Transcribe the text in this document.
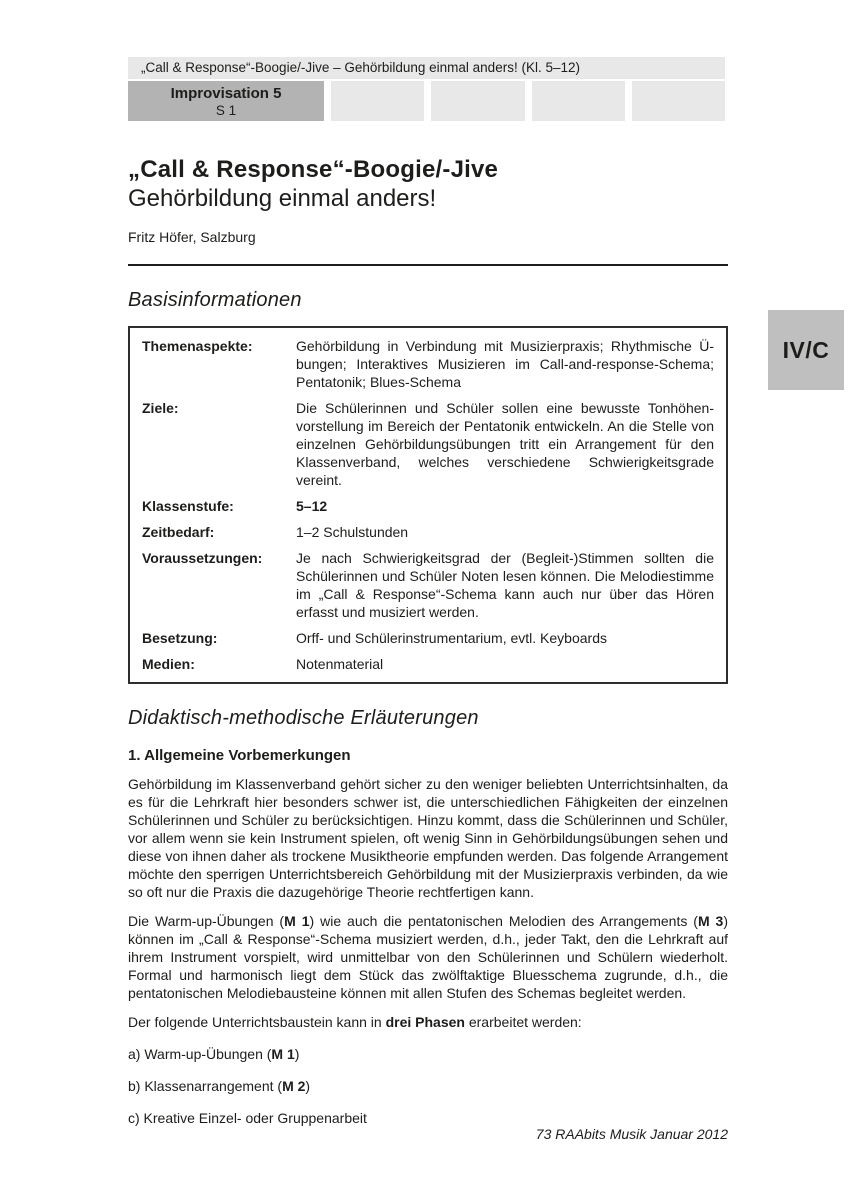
„Call & Response“-Boogie/-Jive – Gehörbildung einmal anders! (Kl. 5–12)
Improvisation 5
S 1
IV/C
„Call & Response“-Boogie/-Jive
Gehörbildung einmal anders!
Fritz Höfer, Salzburg
Basisinformationen
Themenaspekte:	Gehörbildung in Verbindung mit Musizierpraxis; Rhythmische Ü-bungen; Interaktives Musizieren im Call-and-response-Schema; Pentatonik; Blues-Schema
Ziele:	Die Schülerinnen und Schüler sollen eine bewusste Tonhöhenvorstellung im Bereich der Pentatonik entwickeln. An die Stelle von einzelnen Gehörbildungsübungen tritt ein Arrangement für den Klassenverband, welches verschiedene Schwierigkeitsgrade vereint.
Klassenstufe:	5–12
Zeitbedarf:	1–2 Schulstunden
Voraussetzungen:	Je nach Schwierigkeitsgrad der (Begleit-)Stimmen sollten die Schülerinnen und Schüler Noten lesen können. Die Melodiestimme im „Call & Response“-Schema kann auch nur über das Hören erfasst und musiziert werden.
Besetzung:	Orff- und Schülerinstrumentarium, evtl. Keyboards
Medien:	Notenmaterial
Didaktisch-methodische Erläuterungen
1. Allgemeine Vorbemerkungen

Gehörbildung im Klassenverband gehört sicher zu den weniger beliebten Unterrichtsinhalten, da es für die Lehrkraft hier besonders schwer ist, die unterschiedlichen Fähigkeiten der einzelnen Schülerinnen und Schüler zu berücksichtigen. Hinzu kommt, dass die Schülerinnen und Schüler, vor allem wenn sie kein Instrument spielen, oft wenig Sinn in Gehörbildungsübungen sehen und diese von ihnen daher als trockene Musiktheorie empfunden werden. Das folgende Arrangement möchte den sperrigen Unterrichtsbereich Gehörbildung mit der Musizierpraxis verbinden, da wie so oft nur die Praxis die dazugehörige Theorie rechtfertigen kann.

Die Warm-up-Übungen (M 1) wie auch die pentatonischen Melodien des Arrangements (M 3) können im „Call & Response“-Schema musiziert werden, d.h., jeder Takt, den die Lehrkraft auf ihrem Instrument vorspielt, wird unmittelbar von den Schülerinnen und Schülern wiederholt. Formal und harmonisch liegt dem Stück das zwölftaktige Bluesschema zugrunde, d.h., die pentatonischen Melodiebausteine können mit allen Stufen des Schemas begleitet werden.

Der folgende Unterrichtsbaustein kann in drei Phasen erarbeitet werden:

a) Warm-up-Übungen (M 1)

b) Klassenarrangement (M 2)

c) Kreative Einzel- oder Gruppenarbeit

73 RAAbits Musik Januar 2012
